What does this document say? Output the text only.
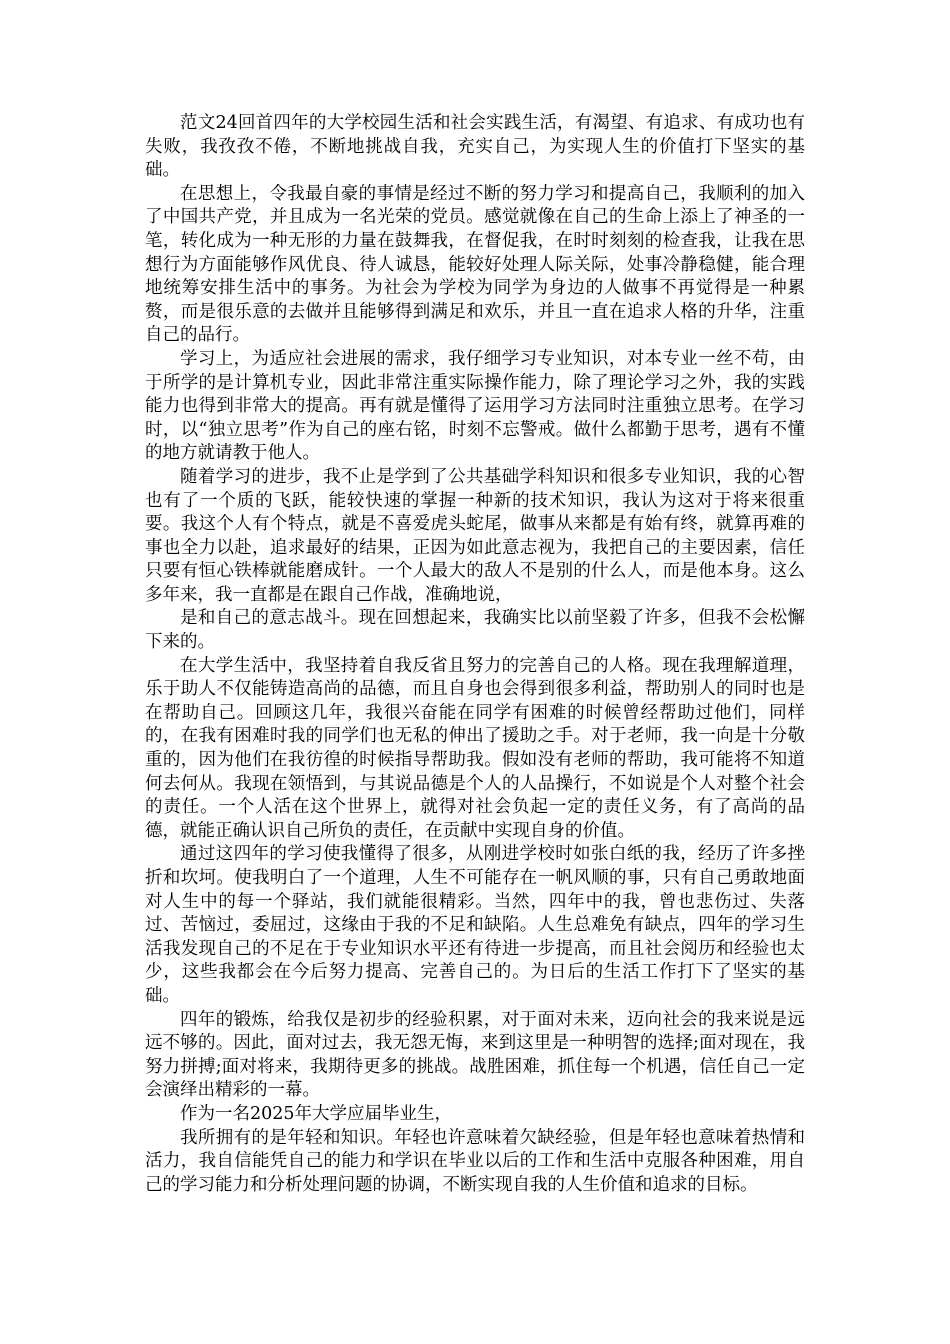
范文24回首四年的大学校园生活和社会实践生活，有渴望、有追求、有成功也有失败，我孜孜不倦，不断地挑战自我，充实自己，为实现人生的价值打下坚实的基础。

在思想上，令我最自豪的事情是经过不断的努力学习和提高自己，我顺利的加入了中国共产党，并且成为一名光荣的党员。感觉就像在自己的生命上添上了神圣的一笔，转化成为一种无形的力量在鼓舞我，在督促我，在时时刻刻的检查我，让我在思想行为方面能够作风优良、待人诚恳，能较好处理人际关际，处事冷静稳健，能合理地统筹安排生活中的事务。为社会为学校为同学为身边的人做事不再觉得是一种累赘，而是很乐意的去做并且能够得到满足和欢乐，并且一直在追求人格的升华，注重自己的品行。

学习上，为适应社会进展的需求，我仔细学习专业知识，对本专业一丝不苟，由于所学的是计算机专业，因此非常注重实际操作能力，除了理论学习之外，我的实践能力也得到非常大的提高。再有就是懂得了运用学习方法同时注重独立思考。在学习时，以“独立思考”作为自己的座右铭，时刻不忘警戒。做什么都勤于思考，遇有不懂的地方就请教于他人。

随着学习的进步，我不止是学到了公共基础学科知识和很多专业知识，我的心智也有了一个质的飞跃，能较快速的掌握一种新的技术知识，我认为这对于将来很重要。我这个人有个特点，就是不喜爱虎头蛇尾，做事从来都是有始有终，就算再难的事也全力以赴，追求最好的结果，正因为如此意志视为，我把自己的主要因素，信任只要有恒心铁棒就能磨成针。一个人最大的敌人不是别的什么人，而是他本身。这么多年来，我一直都是在跟自己作战，准确地说，

是和自己的意志战斗。现在回想起来，我确实比以前坚毅了许多，但我不会松懈下来的。

在大学生活中，我坚持着自我反省且努力的完善自己的人格。现在我理解道理，乐于助人不仅能铸造高尚的品德，而且自身也会得到很多利益，帮助别人的同时也是在帮助自己。回顾这几年，我很兴奋能在同学有困难的时候曾经帮助过他们，同样的，在我有困难时我的同学们也无私的伸出了援助之手。对于老师，我一向是十分敬重的，因为他们在我彷徨的时候指导帮助我。假如没有老师的帮助，我可能将不知道何去何从。我现在领悟到，与其说品德是个人的人品操行，不如说是个人对整个社会的责任。一个人活在这个世界上，就得对社会负起一定的责任义务，有了高尚的品德，就能正确认识自己所负的责任，在贡献中实现自身的价值。

通过这四年的学习使我懂得了很多，从刚进学校时如张白纸的我，经历了许多挫折和坎坷。使我明白了一个道理，人生不可能存在一帆风顺的事，只有自己勇敢地面对人生中的每一个驿站，我们就能很精彩。当然，四年中的我，曾也悲伤过、失落过、苦恼过，委屈过，这缘由于我的不足和缺陷。人生总难免有缺点，四年的学习生活我发现自己的不足在于专业知识水平还有待进一步提高，而且社会阅历和经验也太少，这些我都会在今后努力提高、完善自己的。为日后的生活工作打下了坚实的基础。

四年的锻炼，给我仅是初步的经验积累，对于面对未来，迈向社会的我来说是远远不够的。因此，面对过去，我无怨无悔，来到这里是一种明智的选择;面对现在，我努力拼搏;面对将来，我期待更多的挑战。战胜困难，抓住每一个机遇，信任自己一定会演绎出精彩的一幕。

作为一名2025年大学应届毕业生，

我所拥有的是年轻和知识。年轻也许意味着欠缺经验，但是年轻也意味着热情和活力，我自信能凭自己的能力和学识在毕业以后的工作和生活中克服各种困难，用自己的学习能力和分析处理问题的协调，不断实现自我的人生价值和追求的目标。
